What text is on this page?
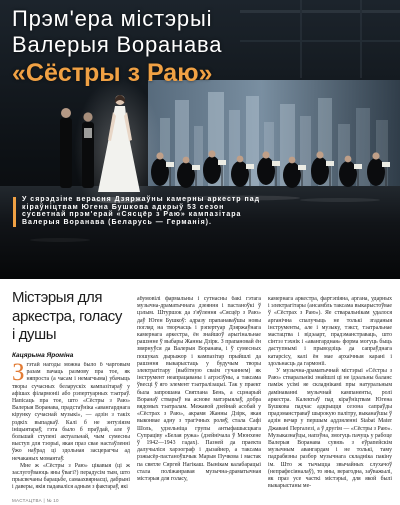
Прэм'ера містэрыі
Валерыя Воранава
«Сёстры з Раю»
У сярэдзіне верасня Дзяржаўны камерны аркестр пад кіраўніцтвам Югена Бушкова адкрыў 53 сезон сусветнай прэм'ерай «Сясцёр з Раю» кампазітара Валерыя Воранава (Беларусь — Германія).
Містэрыя для
аркестра, голасу
і душы
Кацярына Яроміна

З гэтай нагоды можна было б чарговым разам пачаць размову пра тое, як няпроста (а часам і немагчыма) убачыць творы сучасных беларускіх кампазітараў у афішах філармоніі або рэпертуарных тэатраў. Напісаць пра тое, што «Сёстры з Раю» Валерыя Воранава, прадстаўніка «авангарднага кірунку сучаснай музыкі», — адзін з такіх рэдкіх выпадкаў. Калі б не энтузіязм ініцыятараў, гэта было б праўдай, але ў большай ступені актуальнай, чым сумесны выступ для тэорыі, якая праз свае настаўленні ўжо наўрад ці здольная засцерагчы ад нечаканых момантаў.

Мне ж «Сёстры з Раю» цікавыя (ці ж заслугоўваюць яны ўвагі?) перадусім тым, што прысвечаны барацьбе, самаахвярнасці, дабрыні і даверы, якія падаваліся адным з фактараў, які

абумовілі фармальны і сутнасны бакі гэтага музычна-драматычнага дзеяння і пастаноўкі ў цэлым. Штуршок да з'яўлення «Сясцёр з Раю» даў Юген Бушкоў: адразу прапанаваўшы новы погляд на творчасць і рэпертуар Дзяржаўнага камернага аркестра, ён знайшоў арыгінальнае рашэнне ў выбары Жанны Дзірк. З прапановай ён звярнуўся да Валерыя Воранава, і ў сумесных пошуках дырыжор і кампазітар прыйшлі да рашэння выкарыстаць у будучым творы электрагітару (выбітную сваім гучаннем) як інструмент неапрацаваны і агрэсіўны, а таксама ўвесці ў яго элемент тэатралізацыі. Так у праект была запрошана Святлана Бень, а сцэнарый Воранаў стварыў на аснове матэрыялаў, добра вядомых тэатралам. Межавой дзейнай асобай у «Сёстрах з Раю», акрамя Жанны Дзірк, якая выконвае адну з трагічных роляў, стала Сафі Шоль, удзельніца групы антыфашысцкага Супраціву «Белая ружа» (дзейнічала ў Мюнхене ў 1942—1943 гадах). Пазней да праекта далучыліся харэограф і дызайнер, а таксама рэжысёр-пастаноўшчык Марыя Пучкова і мастак па святле Сяргей Нагікаш. Вынікам калабарацыі стала поліжанравая музычна-драматычная містэрыя для голасу,

камернага аркестра, фартэпіяна, аргана, ударных і электрагітары (ансамбль таксама выкарыстоўвае ў «Сёстрах з Раю»). Яе стваральнікам удалося арганічна спалучыць не толькі згаданыя інструменты, але і музыку, тэкст, тэатральнае мастацтва і відэаарт, прадэманстраваць, што сінтэз тэхнік і «авангардная» форма могуць быць даступнымі і прыводзіць да сапраўднага катарсісу, калі ён мае архаічныя карані і здольнасць да гармоніі.

У музычна-драматычнай містэрыі «Сёстры з Раю» стваральнікі знайшлі ці не ідэальны баланс паміж усімі яе складнікамі пры натуральным дамінаванні музычнай кампаненты, ролі аркестра. Калектыў пад кіраўніцтвам Югена Бушкова падчас адкрыцця сезона сапраўды прадэманстраваў шырокую палітру, выканаўшы ў адзін вечар у першым аддзяленні Stabat Mater Джавані Пергалезі, а ў другім — «Сёстры з Раю». Музыказнаўцы, напэўна, змогуць пачуць у рабоце Валерыя Воранава сувязь з еўрапейскім музычным авангардам і не толькі, таму падрабязны разбор музычнага складніка пакіну ім. Што ж тычыцца звычайных слухачоў (непрафесіяналаў), то яны, верагодна, заўважылі, як праз усе часткі містэрыі, для якой былі выкарыстаны ме-

МАСТАЦТВА | № 10
